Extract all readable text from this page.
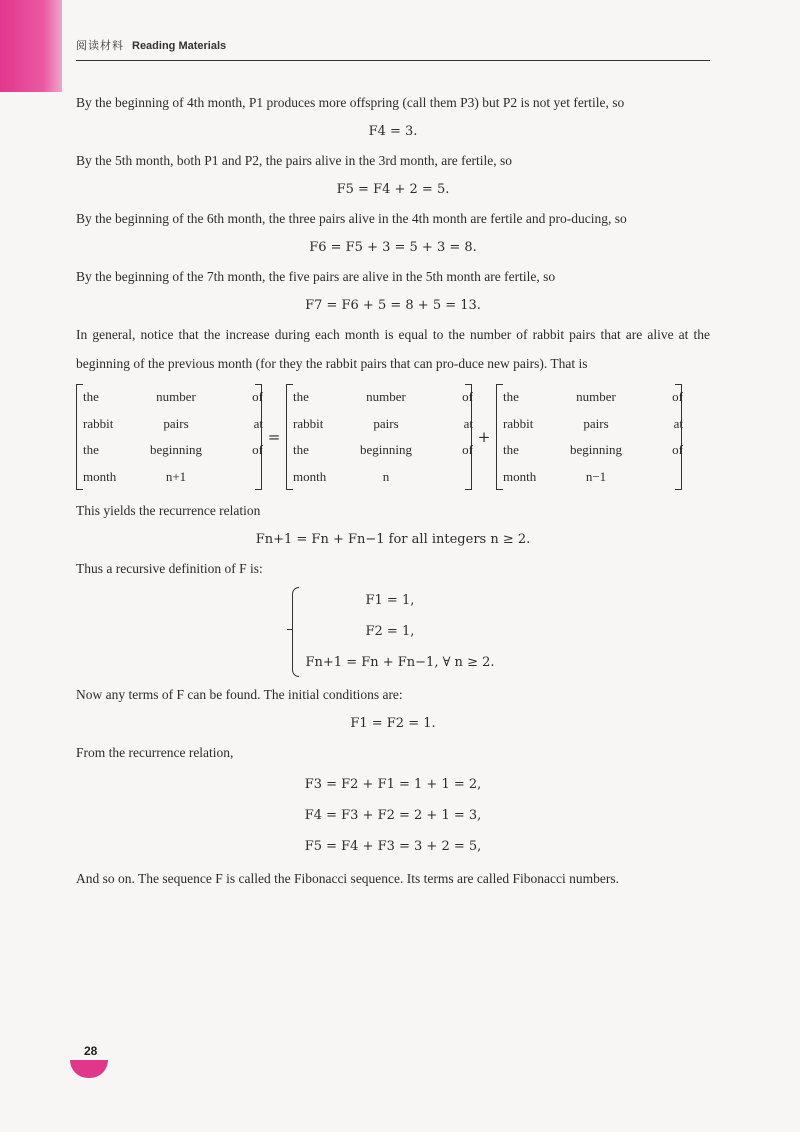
阅读材料 Reading Materials

By the beginning of 4th month, P1 produces more offspring (call them P3) but P2 is not yet fertile, so

F4 = 3.

By the 5th month, both P1 and P2, the pairs alive in the 3rd month, are fertile, so

F5 = F4 + 2 = 5.

By the beginning of the 6th month, the three pairs alive in the 4th month are fertile and pro-ducing, so

F6 = F5 + 3 = 5 + 3 = 8.

By the beginning of the 7th month, the five pairs are alive in the 5th month are fertile, so

F7 = F6 + 5 = 8 + 5 = 13.

In general, notice that the increase during each month is equal to the number of rabbit pairs that are alive at the beginning of the previous month (for they the rabbit pairs that can pro-duce new pairs). That is

the	number	of
rabbit	pairs	at
the	beginning	of
month	n+1
=
the	number	of
rabbit	pairs	at
the	beginning	of
month	n
+
the	number	of
rabbit	pairs	at
the	beginning	of
month	n−1

This yields the recurrence relation

Fn+1 = Fn + Fn−1 for all integers n ≥ 2.

Thus a recursive definition of F is:

F1 = 1,
F2 = 1,
Fn+1 = Fn + Fn−1, ∀ n ≥ 2.

Now any terms of F can be found. The initial conditions are:

F1 = F2 = 1.

From the recurrence relation,

F3 = F2 + F1 = 1 + 1 = 2,
F4 = F3 + F2 = 2 + 1 = 3,
F5 = F4 + F3 = 3 + 2 = 5,

And so on. The sequence F is called the Fibonacci sequence. Its terms are called Fibonacci numbers.

28
